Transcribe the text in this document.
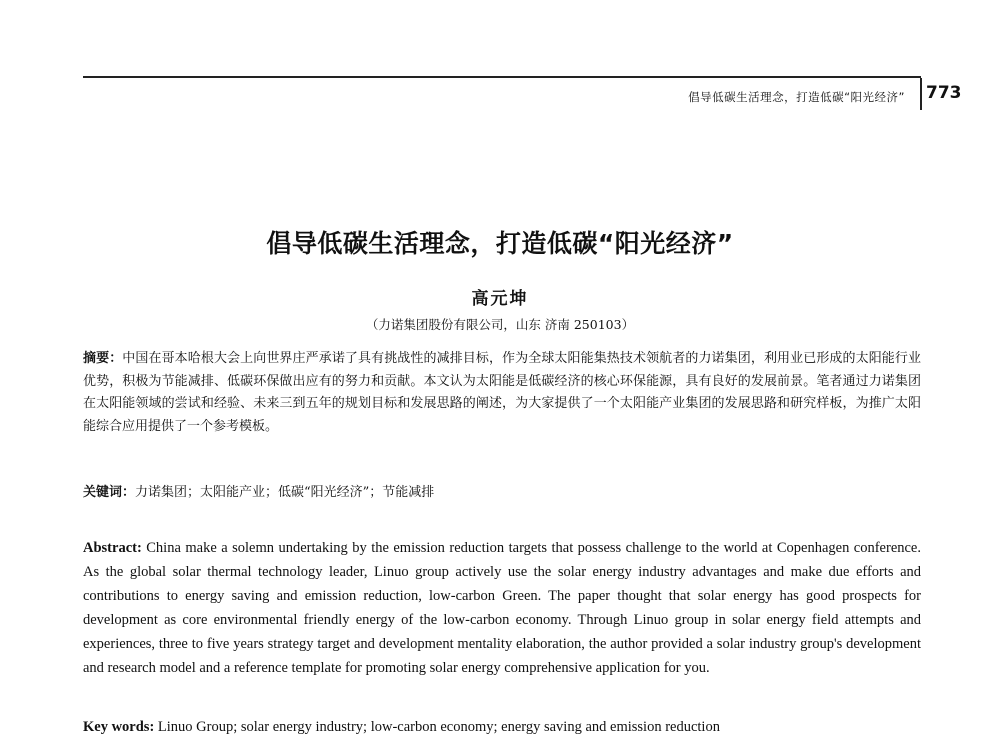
倡导低碳生活理念，打造低碳“阳光经济” 773
倡导低碳生活理念，打造低碳“阳光经济”
高元坤
（力诺集团股份有限公司，山东 济南 250103）

摘要：中国在哥本哈根大会上向世界庄严承诺了具有挑战性的减排目标，作为全球太阳能集热技术领航者的力诺集团，利用业已形成的太阳能行业优势，积极为节能减排、低碳环保做出应有的努力和贡献。本文认为太阳能是低碳经济的核心环保能源，具有良好的发展前景。笔者通过力诺集团在太阳能领域的尝试和经验、未来三到五年的规划目标和发展思路的阐述，为大家提供了一个太阳能产业集团的发展思路和研究样板，为推广太阳能综合应用提供了一个参考模板。

关键词：力诺集团；太阳能产业；低碳“阳光经济”；节能减排

Abstract: China make a solemn undertaking by the emission reduction targets that possess challenge to the world at Copenhagen conference. As the global solar thermal technology leader, Linuo group actively use the solar energy industry advantages and make due efforts and contributions to energy saving and emission reduction, low-carbon Green. The paper thought that solar energy has good prospects for development as core environmental friendly energy of the low-carbon economy. Through Linuo group in solar energy field attempts and experiences, three to five years strategy target and development mentality elaboration, the author provided a solar industry group's development and research model and a reference template for promoting solar energy comprehensive application for you.

Key words: Linuo Group; solar energy industry; low-carbon economy; energy saving and emission reduction
